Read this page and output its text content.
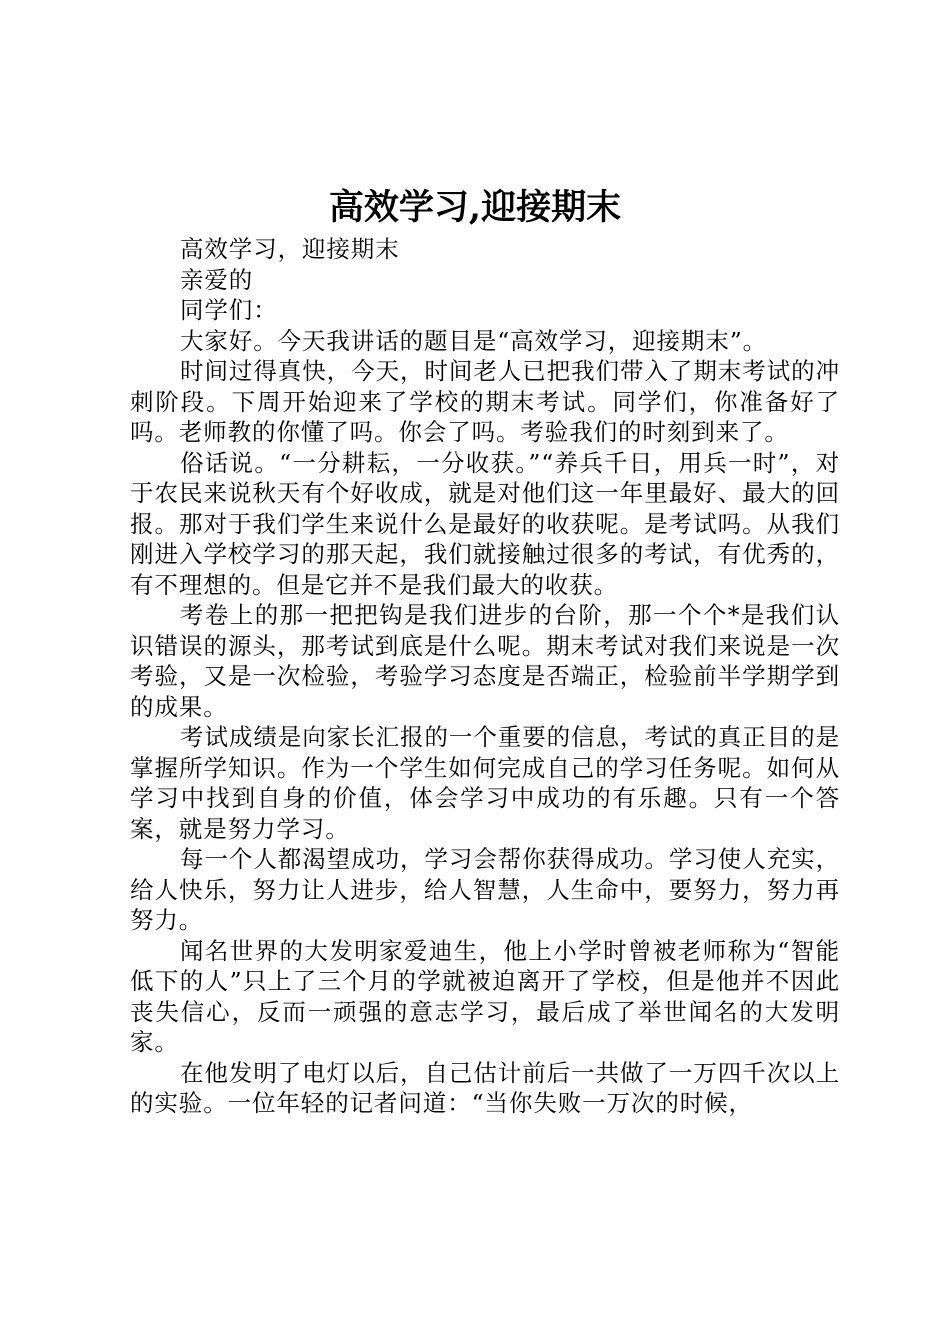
高效学习,迎接期末

高效学习，迎接期末

亲爱的

同学们：

大家好。今天我讲话的题目是“高效学习，迎接期末”。

时间过得真快，今天，时间老人已把我们带入了期末考试的冲刺阶段。下周开始迎来了学校的期末考试。同学们，你准备好了吗。老师教的你懂了吗。你会了吗。考验我们的时刻到来了。

俗话说。“一分耕耘，一分收获。”“养兵千日，用兵一时”，对于农民来说秋天有个好收成，就是对他们这一年里最好、最大的回报。那对于我们学生来说什么是最好的收获呢。是考试吗。从我们刚进入学校学习的那天起，我们就接触过很多的考试，有优秀的，有不理想的。但是它并不是我们最大的收获。

考卷上的那一把把钩是我们进步的台阶，那一个个*是我们认识错误的源头，那考试到底是什么呢。期末考试对我们来说是一次考验，又是一次检验，考验学习态度是否端正，检验前半学期学到的成果。

考试成绩是向家长汇报的一个重要的信息，考试的真正目的是掌握所学知识。作为一个学生如何完成自己的学习任务呢。如何从学习中找到自身的价值，体会学习中成功的有乐趣。只有一个答案，就是努力学习。

每一个人都渴望成功，学习会帮你获得成功。学习使人充实，给人快乐，努力让人进步，给人智慧，人生命中，要努力，努力再努力。

闻名世界的大发明家爱迪生，他上小学时曾被老师称为“智能低下的人”只上了三个月的学就被迫离开了学校，但是他并不因此丧失信心，反而一顽强的意志学习，最后成了举世闻名的大发明家。

在他发明了电灯以后，自己估计前后一共做了一万四千次以上的实验。一位年轻的记者问道：“当你失败一万次的时候，
